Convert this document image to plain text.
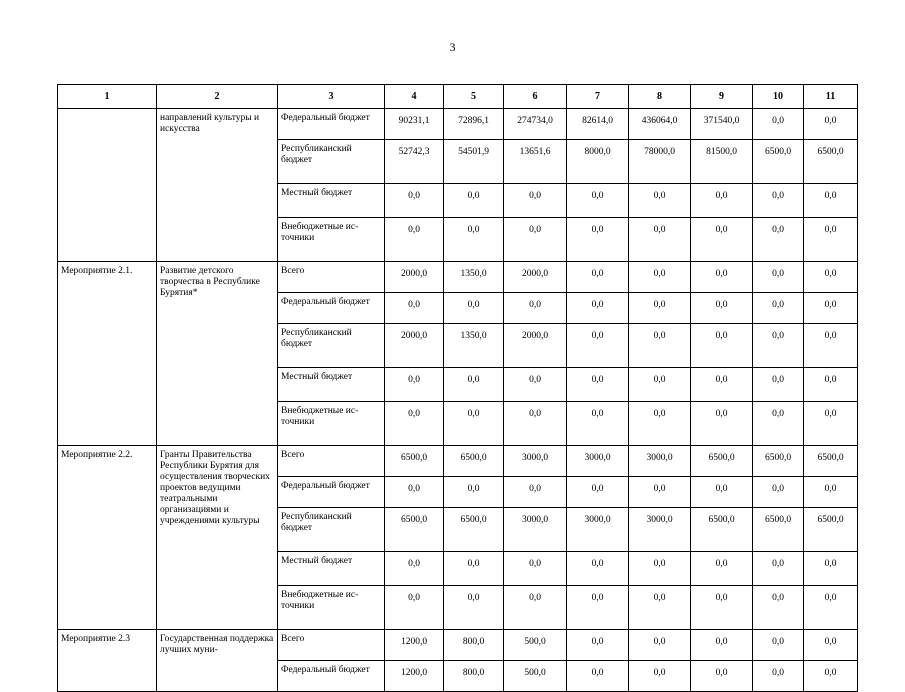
3
1	2	3	4	5	6	7	8	9	10	11
	направлений культуры и искусства	Федеральный бюджет	90231,1	72896,1	274734,0	82614,0	436064,0	371540,0	0,0	0,0
		Республиканский бюджет	52742,3	54501,9	13651,6	8000,0	78000,0	81500,0	6500,0	6500,0
		Местный бюджет	0,0	0,0	0,0	0,0	0,0	0,0	0,0	0,0
		Внебюджетные ис-точники	0,0	0,0	0,0	0,0	0,0	0,0	0,0	0,0
Мероприятие 2.1.	Развитие детского творчества в Республике Бурятия*	Всего	2000,0	1350,0	2000,0	0,0	0,0	0,0	0,0	0,0
		Федеральный бюджет	0,0	0,0	0,0	0,0	0,0	0,0	0,0	0,0
		Республиканский бюджет	2000,0	1350,0	2000,0	0,0	0,0	0,0	0,0	0,0
		Местный бюджет	0,0	0,0	0,0	0,0	0,0	0,0	0,0	0,0
		Внебюджетные ис-точники	0,0	0,0	0,0	0,0	0,0	0,0	0,0	0,0
Мероприятие 2.2.	Гранты Правительства Республики Бурятия для осуществления творческих проектов ведущими театральными организациями и учреждениями культуры	Всего	6500,0	6500,0	3000,0	3000,0	3000,0	6500,0	6500,0	6500,0
		Федеральный бюджет	0,0	0,0	0,0	0,0	0,0	0,0	0,0	0,0
		Республиканский бюджет	6500,0	6500,0	3000,0	3000,0	3000,0	6500,0	6500,0	6500,0
		Местный бюджет	0,0	0,0	0,0	0,0	0,0	0,0	0,0	0,0
		Внебюджетные ис-точники	0,0	0,0	0,0	0,0	0,0	0,0	0,0	0,0
Мероприятие 2.3	Государственная поддержка лучших муни-	Всего	1200,0	800,0	500,0	0,0	0,0	0,0	0,0	0,0
		Федеральный бюджет	1200,0	800,0	500,0	0,0	0,0	0,0	0,0	0,0
